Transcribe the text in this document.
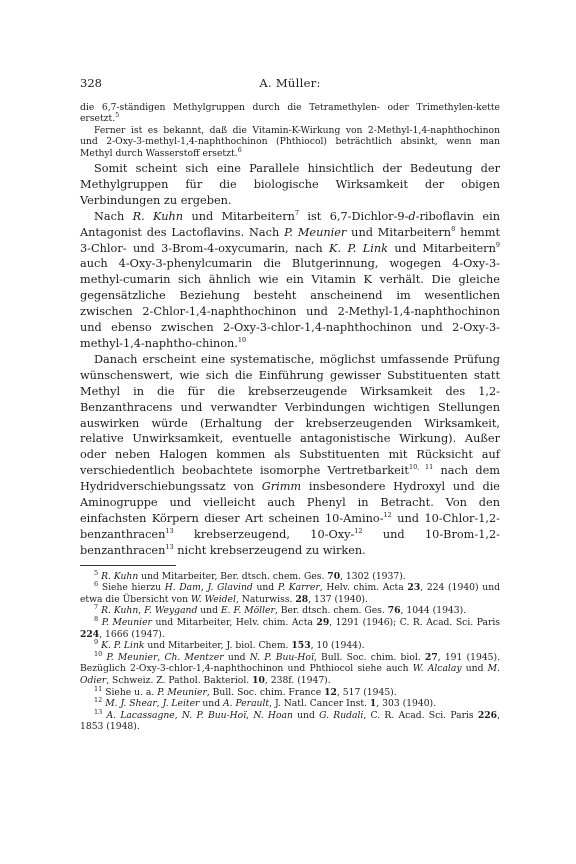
328	A. Müller:

die 6,7-ständigen Methylgruppen durch die Tetramethylen- oder Trimethylen-kette ersetzt.$^5$

Ferner ist es bekannt, daß die Vitamin-K-Wirkung von 2-Methyl-1,4-naphthochinon und 2-Oxy-3-methyl-1,4-naphthochinon (Phthiocol) beträchtlich absinkt, wenn man Methyl durch Wasserstoff ersetzt.$^6$

Somit scheint sich eine Parallele hinsichtlich der Bedeutung der Methylgruppen für die biologische Wirksamkeit der obigen Verbindungen zu ergeben.

Nach R. Kuhn und Mitarbeitern$^7$ ist 6,7-Dichlor-9-d-riboflavin ein Antagonist des Lactoflavins. Nach P. Meunier und Mitarbeitern$^8$ hemmt 3-Chlor- und 3-Brom-4-oxycumarin, nach K. P. Link und Mitarbeitern$^9$ auch 4-Oxy-3-phenylcumarin die Blutgerinnung, wogegen 4-Oxy-3-methyl-cumarin sich ähnlich wie ein Vitamin K verhält. Die gleiche gegensätzliche Beziehung besteht anscheinend im wesentlichen zwischen 2-Chlor-1,4-naphthochinon und 2-Methyl-1,4-naphthochinon und ebenso zwischen 2-Oxy-3-chlor-1,4-naphthochinon und 2-Oxy-3-methyl-1,4-naphtho-chinon.$^{10}$

Danach erscheint eine systematische, möglichst umfassende Prüfung wünschenswert, wie sich die Einführung gewisser Substituenten statt Methyl in die für die krebserzeugende Wirksamkeit des 1,2-Benzanthracens und verwandter Verbindungen wichtigen Stellungen auswirken würde (Erhaltung der krebserzeugenden Wirksamkeit, relative Unwirksamkeit, eventuelle antagonistische Wirkung). Außer oder neben Halogen kommen als Substituenten mit Rücksicht auf verschiedentlich beobachtete isomorphe Vertretbarkeit$^{10, 11}$ nach dem Hydridverschiebungssatz von Grimm insbesondere Hydroxyl und die Aminogruppe und vielleicht auch Phenyl in Betracht. Von den einfachsten Körpern dieser Art scheinen 10-Amino-$^{12}$ und 10-Chlor-1,2-benzanthracen$^{13}$ krebserzeugend, 10-Oxy-$^{12}$ und 10-Brom-1,2-benzanthracen$^{13}$ nicht krebserzeugend zu wirken.

$^5$ R. Kuhn und Mitarbeiter, Ber. dtsch. chem. Ges. 70, 1302 (1937).

$^6$ Siehe hierzu H. Dam, J. Glavind und P. Karrer, Helv. chim. Acta 23, 224 (1940) und etwa die Übersicht von W. Weidel, Naturwiss. 28, 137 (1940).

$^7$ R. Kuhn, F. Weygand und E. F. Möller, Ber. dtsch. chem. Ges. 76, 1044 (1943).

$^8$ P. Meunier und Mitarbeiter, Helv. chim. Acta 29, 1291 (1946); C. R. Acad. Sci. Paris 224, 1666 (1947).

$^9$ K. P. Link und Mitarbeiter, J. biol. Chem. 153, 10 (1944).

$^{10}$ P. Meunier, Ch. Mentzer und N. P. Buu-Hoï, Bull. Soc. chim. biol. 27, 191 (1945). Bezüglich 2-Oxy-3-chlor-1,4-naphthochinon und Phthiocol siehe auch W. Alcalay und M. Odier, Schweiz. Z. Pathol. Bakteriol. 10, 238f. (1947).

$^{11}$ Siehe u. a. P. Meunier, Bull. Soc. chim. France 12, 517 (1945).

$^{12}$ M. J. Shear, J. Leiter und A. Perault, J. Natl. Cancer Inst. 1, 303 (1940).

$^{13}$ A. Lacassagne, N. P. Buu-Hoï, N. Hoan und G. Rudali, C. R. Acad. Sci. Paris 226, 1853 (1948).
